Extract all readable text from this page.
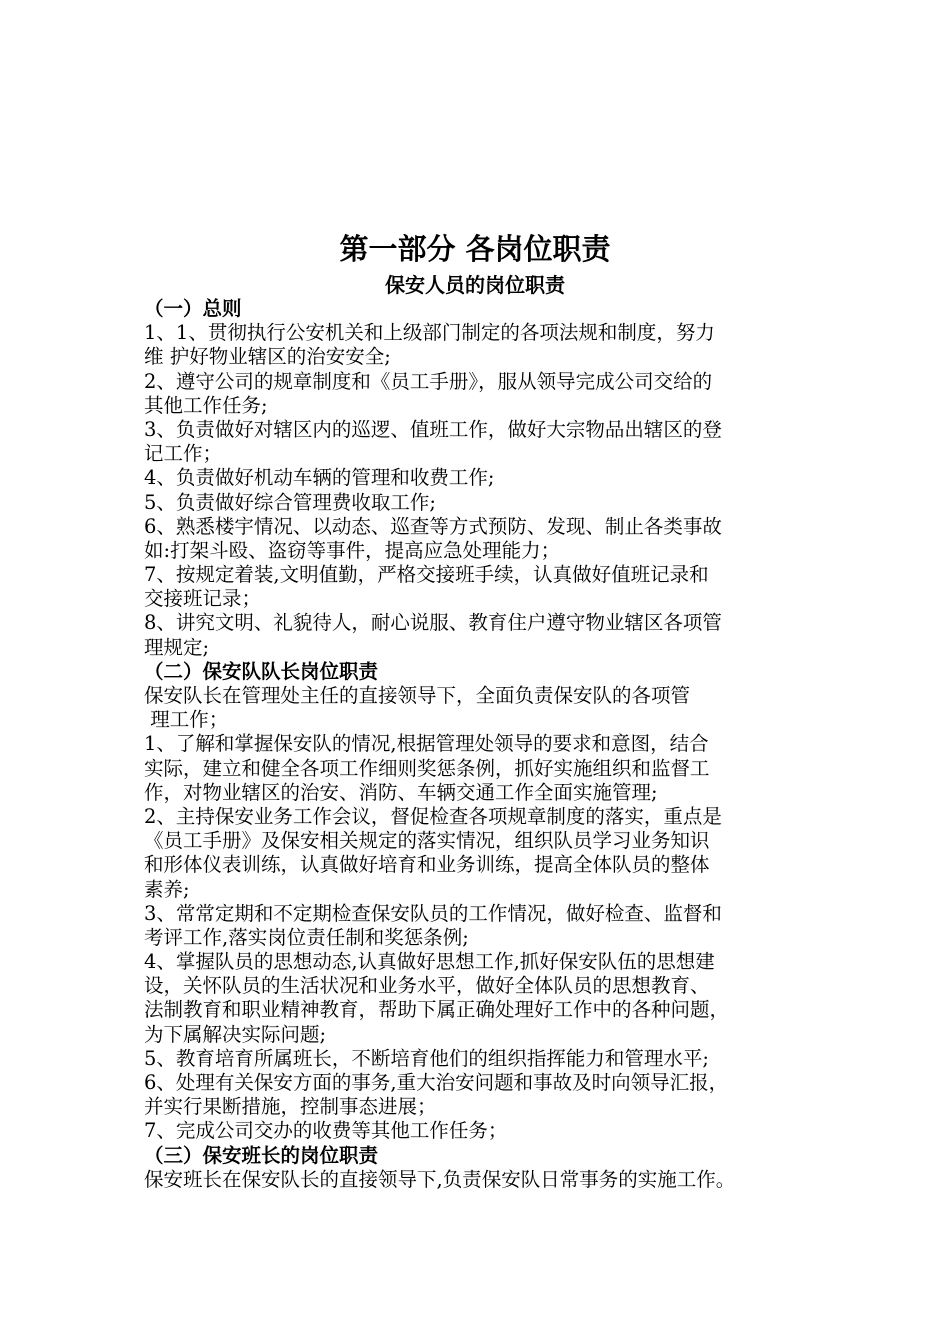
第一部分 各岗位职责
保安人员的岗位职责
（一）总则
1、1、贯彻执行公安机关和上级部门制定的各项法规和制度，努力
维 护好物业辖区的治安安全;
2、遵守公司的规章制度和《员工手册》，服从领导完成公司交给的
其他工作任务;
3、负责做好对辖区内的巡逻、值班工作，做好大宗物品出辖区的登
记工作；
4、负责做好机动车辆的管理和收费工作;
5、负责做好综合管理费收取工作;
6、熟悉楼宇情况、以动态、巡查等方式预防、发现、制止各类事故
如:打架斗殴、盗窃等事件，提高应急处理能力；
7、按规定着装,文明值勤，严格交接班手续，认真做好值班记录和
交接班记录；
8、讲究文明、礼貌待人，耐心说服、教育住户遵守物业辖区各项管
理规定;
（二）保安队队长岗位职责
保安队长在管理处主任的直接领导下，全面负责保安队的各项管
理工作；
1、了解和掌握保安队的情况,根据管理处领导的要求和意图，结合
实际，建立和健全各项工作细则奖惩条例，抓好实施组织和监督工
作，对物业辖区的治安、消防、车辆交通工作全面实施管理;
2、主持保安业务工作会议，督促检查各项规章制度的落实，重点是
《员工手册》及保安相关规定的落实情况，组织队员学习业务知识
和形体仪表训练，认真做好培育和业务训练，提高全体队员的整体
素养;
3、常常定期和不定期检查保安队员的工作情况，做好检查、监督和
考评工作,落实岗位责任制和奖惩条例;
4、掌握队员的思想动态,认真做好思想工作,抓好保安队伍的思想建
设，关怀队员的生活状况和业务水平，做好全体队员的思想教育、
法制教育和职业精神教育，帮助下属正确处理好工作中的各种问题，
为下属解决实际问题;
5、教育培育所属班长，不断培育他们的组织指挥能力和管理水平;
6、处理有关保安方面的事务,重大治安问题和事故及时向领导汇报，
并实行果断措施，控制事态进展；
7、完成公司交办的收费等其他工作任务；
（三）保安班长的岗位职责
保安班长在保安队长的直接领导下,负责保安队日常事务的实施工作。
